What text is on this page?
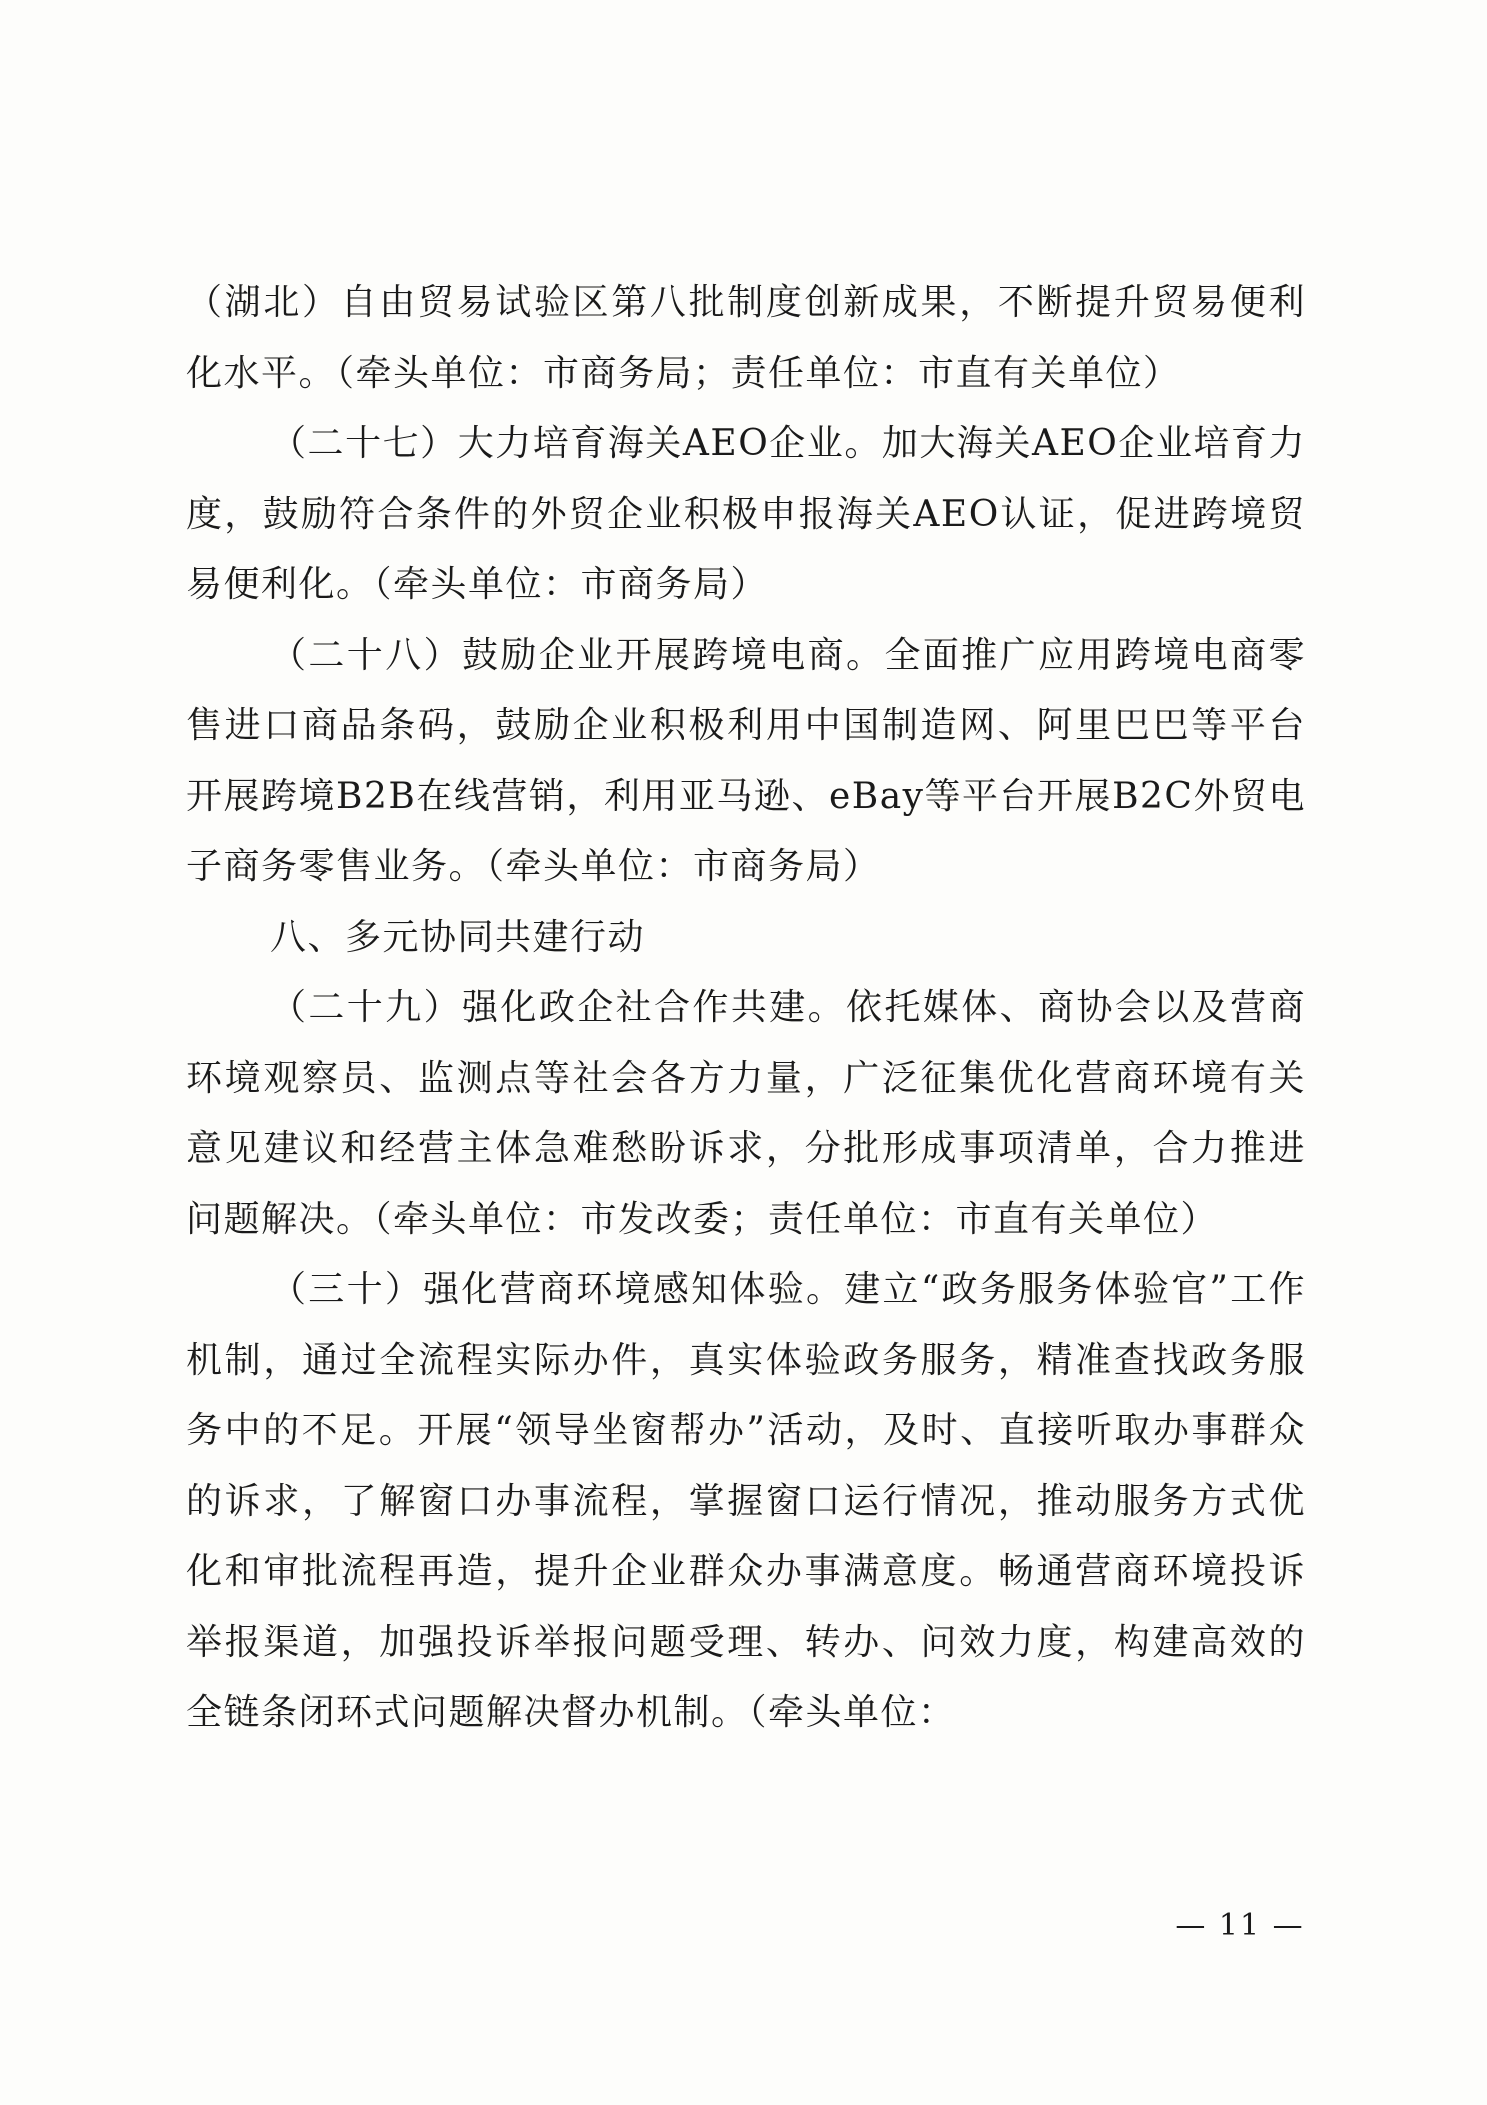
（湖北）自由贸易试验区第八批制度创新成果，不断提升贸易便利化水平。（牵头单位：市商务局；责任单位：市直有关单位）

（二十七）大力培育海关AEO企业。加大海关AEO企业培育力度，鼓励符合条件的外贸企业积极申报海关AEO认证，促进跨境贸易便利化。（牵头单位：市商务局）

（二十八）鼓励企业开展跨境电商。全面推广应用跨境电商零售进口商品条码，鼓励企业积极利用中国制造网、阿里巴巴等平台开展跨境B2B在线营销，利用亚马逊、eBay等平台开展B2C外贸电子商务零售业务。（牵头单位：市商务局）

八、多元协同共建行动

（二十九）强化政企社合作共建。依托媒体、商协会以及营商环境观察员、监测点等社会各方力量，广泛征集优化营商环境有关意见建议和经营主体急难愁盼诉求，分批形成事项清单，合力推进问题解决。（牵头单位：市发改委；责任单位：市直有关单位）

（三十）强化营商环境感知体验。建立“政务服务体验官”工作机制，通过全流程实际办件，真实体验政务服务，精准查找政务服务中的不足。开展“领导坐窗帮办”活动，及时、直接听取办事群众的诉求，了解窗口办事流程，掌握窗口运行情况，推动服务方式优化和审批流程再造，提升企业群众办事满意度。畅通营商环境投诉举报渠道，加强投诉举报问题受理、转办、问效力度，构建高效的全链条闭环式问题解决督办机制。（牵头单位：

— 11 —
